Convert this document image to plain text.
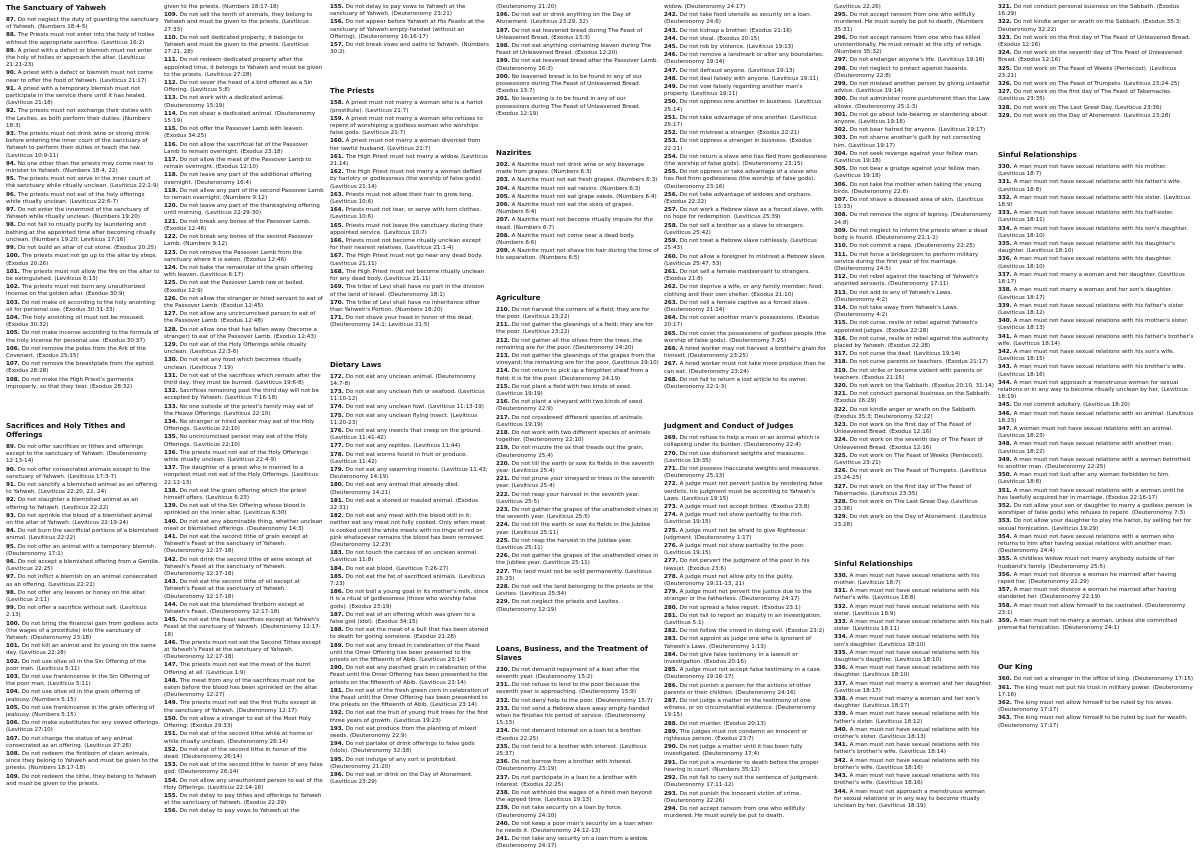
The Sanctuary of Yahweh
87. Do not neglect the duty of guarding the sanctuary of Yahweh. (Numbers 18:4-5)
88. The Priests must not enter into the holy of holies without the appropriate sacrifice. (Leviticus 16:2)
89. A priest with a defect or blemish must not enter the holy of holies or approach the altar. (Leviticus 21:21-23)
90. A priest with a defect or blemish must not come near to offer the food of Yahweh. (Leviticus 21:17)
91. A priest with a temporary blemish must not participate in the service there until it has healed. (Leviticus 21:18)
92. The priests must not exchange their duties with the Levites, as both perform their duties. (Numbers 18:3)
93. The priests must not drink wine or strong drink before entering the inner court of the sanctuary of Yahweh to perform their duties or teach the law. (Leviticus 10:9-11)
94. No one other than the priests may come near to minister to Yahweh. (Numbers 18:4, 22)
95. The priests must not serve in the inner court of the sanctuary while ritually unclean. (Leviticus 22:2-9)
96. The priests must not eat of the holy offerings while ritually unclean. (Leviticus 22:6-7)
97. Do not enter the innermost of the sanctuary of Yahweh while ritually unclean. (Numbers 19:20)
98. Do not fail to ritually purify by laundering and bathing at the appointed time after becoming ritually unclean. (Numbers 19:20; Leviticus 17:16)
99. Do not build an altar of cut stone. (Exodus 20:25)
100. The priests must not go up to the altar by steps. (Exodus 20:26)
101. The priests must not allow the fire on the altar to be extinguished. (Leviticus 6:13)
102. The priests must not burn any unauthorized incense on the golden altar. (Exodus 30:9)
103. Do not make oil according to the holy anointing oil for personal use. (Exodus 30:31-33)
104. The holy anointing oil must not be misused. (Exodus 30:32)
105. Do not make incense according to the formula of the holy incense for personal use. (Exodus 30:37)
106. Do not remove the poles from the Ark of the Covenant. (Exodus 25:15)
107. Do not remove the breastplate from the ephod. (Exodus 28:28)
108. Do not make the High Priest's garments improperly, so that they tear. (Exodus 28:32)
Sacrifices and Holy Tithes and Offerings
89. Do not offer sacrifices or tithes and offerings except to the sanctuary of Yahweh. (Deuteronomy 12:13-14)
90. Do not offer consecrated animals except to the sanctuary of Yahweh. (Leviticus 17:3-7)
91. Do not sanctify a blemished animal as an offering to Yahweh. (Leviticus 22:20, 22, 24)
92. Do not slaughter a blemished animal as an offering to Yahweh. (Leviticus 22:22)
93. Do not sprinkle the blood of a blemished animal on the altar of Yahweh. (Leviticus 22:19-24)
94. Do not burn the sacrificial portions of a blemished animal. (Leviticus 22:22)
95. Do not offer an animal with a temporary blemish. (Deuteronomy 17:1)
96. Do not accept a blemished offering from a Gentile. (Leviticus 22:25)
97. Do not inflict a blemish on an animal consecrated as an offering. (Leviticus 22:21)
98. Do not offer any leaven or honey on the altar. (Leviticus 2:11)
99. Do not offer a sacrifice without salt. (Leviticus 2:13)
100. Do not bring the financial gain from godless acts (the wages of a prostitute) into the sanctuary of Yahweh. (Deuteronomy 23:18)
101. Do not kill an animal and its young on the same day. (Leviticus 22:28)
102. Do not use olive oil in the Sin Offering of the poor man. (Leviticus 5:11)
103. Do not use frankincense in the Sin Offering of the poor man. (Leviticus 5:11)
104. Do not use olive oil in the grain offering of jealousy. (Numbers 5:15)
105. Do not use frankincense in the grain offering of jealousy. (Numbers 5:15)
106. Do not make substitutes for any vowed offerings. (Leviticus 27:10)
107. Do not change the status of any animal consecrated as an offering. (Leviticus 27:26)
108. Do not redeem the firstborn of clean animals, since they belong to Yahweh and must be given to the priests. (Numbers 18:17-18)
109. Do not redeem the tithe, they belong to Yahweh and must be given to the priests.
given to the priests. (Numbers 18:17-18)
109. Do not sell the tenth of animals, they belong to Yahweh and must be given to the priests. (Leviticus 27:33)
110. Do not sell dedicated property, it belongs to Yahweh and must be given to the priests. (Leviticus 27:21, 28)
111. Do not redeem dedicated property after the appointed time, it belongs to Yahweh and must be given to the priests. (Leviticus 27:28)
112. Do not sever the head of a bird offered as a Sin Offering. (Leviticus 5:8)
113. Do not work with a dedicated animal. (Deuteronomy 15:19)
114. Do not shear a dedicated animal. (Deuteronomy 15:19)
115. Do not offer the Passover Lamb with leaven. (Exodus 34:25)
116. Do not allow the sacrificial fat of the Passover Lamb to remain overnight. (Exodus 23:18)
117. Do not allow the meat of the Passover Lamb to remain overnight. (Exodus 12:10)
118. Do not leave any part of the additional offering overnight. (Deuteronomy 16:4)
119. Do not allow any part of the second Passover Lamb to remain overnight. (Numbers 9:12)
120. Do not leave any part of the thanksgiving offering until morning. (Leviticus 22:29-30)
121. Do not break any bones of the Passover Lamb. (Exodus 12:46)
122. Do not break any bones of the second Passover Lamb. (Numbers 9:12)
123. Do not remove the Passover Lamb from the sanctuary where it is eaten. (Exodus 12:46)
124. Do not bake the remainder of the grain offering with leaven. (Leviticus 6:17)
125. Do not eat the Passover Lamb raw or boiled. (Exodus 12:9)
126. Do not allow the stranger or hired servant to eat of the Passover Lamb. (Exodus 12:45)
127. Do not allow any uncircumcised person to eat of the Passover Lamb. (Exodus 12:48)
128. Do not allow one that has fallen away (become a stranger) to eat of the Passover Lamb. (Exodus 12:43)
129. Do not eat of the Holy Offerings while ritually unclean. (Leviticus 22:3-6)
130. Do not eat any food which becomes ritually unclean. (Leviticus 7:19)
131. Do not eat of the sacrifices which remain after the third day, they must be burned. (Leviticus 19:6-8)
132. Sacrifices remaining past the third day will not be accepted by Yahweh. (Leviticus 7:16-18)
133. No one outside of the priest's family may eat of the Heave Offerings. (Leviticus 22:10)
134. No stranger or hired worker may eat of the Holy Offerings. (Leviticus 22:10)
135. No uncircumcised person may eat of the Holy Offerings. (Leviticus 22:10)
136. The priests must not eat of the Holy Offerings while ritually unclean. (Leviticus 22:4-9)
137. The daughter of a priest who is married to a nonpriest must not eat of the Holy Offerings. (Leviticus 22:12-13)
138. Do not eat the grain offering which the priest himself offers. (Leviticus 6:23)
139. Do not eat of the Sin Offering whose blood is sprinkled on the inner altar. (Leviticus 6:30)
140. Do not eat any abominable thing, whether unclean meat or blemished offerings. (Deuteronomy 14:3)
141. Do not eat the second tithe of grain except at Yahweh's Feast at the sanctuary of Yahweh. (Deuteronomy 12:17-18)
142. Do not drink the second tithe of wine except at Yahweh's Feast at the sanctuary of Yahweh. (Deuteronomy 12:17-18)
143. Do not eat the second tithe of oil except at Yahweh's Feast at the sanctuary of Yahweh. (Deuteronomy 12:17-18)
144. Do not eat the blemished firstborn except at Yahweh's Feast. (Deuteronomy 12:17-18)
145. Do not eat the feast sacrifices except at Yahweh's Feast at the sanctuary of Yahweh. (Deuteronomy 12:17-18)
146. The priests must not eat the Second Tithes except at Yahweh's Feast at the sanctuary of Yahweh. (Deuteronomy 12:17-18)
147. The priests must not eat the meat of the burnt Offering at all. (Leviticus 1:9)
148. The meat from any of the sacrifices must not be eaten before the blood has been sprinkled on the altar. (Deuteronomy 12:27)
149. The priests must not eat the first fruits except at the sanctuary of Yahweh. (Deuteronomy 12:17)
150. Do not allow a stranger to eat of the Most Holy Offering. (Exodus 29:33)
151. Do not eat of the second tithe while at home or while ritually unclean. (Deuteronomy 26:14)
152. Do not eat of the second tithe in honor of the dead. (Deuteronomy 26:14)
153. Do not eat of the second tithe in honor of any false god. (Deuteronomy 26:14)
154. Do not allow any unauthorized person to eat of the Holy Offerings. (Leviticus 22:14-16)
155. Do not delay to pay tithes and offerings to Yahweh at the sanctuary of Yahweh. (Exodus 22:29)
156. Do not delay to pay vows to Yahweh at the
155. Do not delay to pay vows to Yahweh at the sanctuary of Yahweh. (Deuteronomy 23:21)
156. Do not appear before Yahweh at His Feasts at the sanctuary of Yahweh empty-handed (without an Offering). (Deuteronomy 16:16-17)
157. Do not break vows and oaths to Yahweh. (Numbers 30:2)
The Priests
158. A priest must not marry a woman who is a harlot (prostitute). (Leviticus 21:7)
159. A priest must not marry a woman who refuses to repent of worshiping a godless woman who worships false gods. (Leviticus 21:7)
160. A priest must not marry a woman divorced from her lawful husband. (Leviticus 21:7)
161. The High Priest must not marry a widow. (Leviticus 21:14)
162. The High Priest must not marry a woman defiled by harlotry or godlessness (the worship of false gods). (Leviticus 21:14)
163. Priests must not allow their hair to grow long. (Leviticus 10:6)
164. Priests must not tear, or serve with torn clothes. (Leviticus 10:6)
165. Priests must not leave the sanctuary during their appointed service. (Leviticus 10:7)
166. Priests must not become ritually unclean except for their nearest relatives. (Leviticus 21:1-4)
167. The High Priest must not go near any dead body. (Leviticus 21:11)
168. The High Priest must not become ritually unclean for any dead body. (Leviticus 21:11)
169. The tribe of Levi shall have no part in the division of the land of Israel. (Deuteronomy 18:1)
170. The tribe of Levi shall have no inheritance other than Yahweh's Portion. (Numbers 18:20)
171. Do not shave your head in honor of the dead. (Deuteronomy 14:1; Leviticus 21:5)
Dietary Laws
172. Do not eat any unclean animal. (Deuteronomy 14:7-8)
173. Do not eat any unclean fish or seafood. (Leviticus 11:10-12)
174. Do not eat any unclean fowl. (Leviticus 11:13-19)
175. Do not eat any unclean flying insect. (Leviticus 11:20-23)
176. Do not eat any insects that creep on the ground. (Leviticus 11:41-42)
177. Do not eat any reptiles. (Leviticus 11:44)
178. Do not eat worms found in fruit or produce. (Leviticus 11:42)
179. Do not eat any swarming insects. (Leviticus 11:43; Deuteronomy 14:19)
180. Do not eat any animal that already died. (Deuteronomy 14:21)
181. Do not eat a stoned or mauled animal. (Exodus 22:31)
182. Do not eat any meat with the blood still in it; neither eat any meat not fully cooked. Only when meat is cooked until the white meets with no tinge of red or pink whatsoever remains the blood has been removed. (Deuteronomy 12:23)
183. Do not touch the carcass of an unclean animal. (Leviticus 11:8)
184. Do not eat blood. (Leviticus 7:26-27)
185. Do not eat the fat of sacrificed animals. (Leviticus 7:23)
186. Do not boil a young goat in its mother's milk, since it is a ritual of godlessness (those who worship false gods). (Exodus 23:19)
187. Do not eat of an offering which was given to a false god (idol). (Exodus 34:15)
188. Do not eat the meat of a bull that has been stoned to death for goring someone. (Exodus 21:28)
189. Do not eat any bread in celebration of the Feast until the Omer Offering has been presented to the priests on the fifteenth of Abib. (Leviticus 23:14)
190. Do not eat any parched grain in celebration of the Feast until the Omer Offering has been presented to the priests on the fifteenth of Abib. (Leviticus 23:14)
191. Do not eat of the fresh green corn in celebration of the Feast until the Omer Offering has been presented to the priests on the fifteenth of Abib. (Leviticus 23:14)
192. Do not eat the fruit of young fruit trees for the first three years of growth. (Leviticus 19:23)
193. Do not eat produce from the planting of mixed seeds. (Deuteronomy 22:9)
194. Do not partake of drink offerings to false gods (idols). (Deuteronomy 32:38)
195. Do not indulge of any sort is prohibited. (Deuteronomy 21:20)
196. Do not eat or drink on the Day of Atonement. (Leviticus 23:29)
(Deuteronomy 21:20)
196. Do not eat or drink anything on the Day of Atonement. (Leviticus 23:29, 32)
197. Do not eat leavened bread during The Feast of Unleavened Bread. (Exodus 13:3)
198. Do not eat anything containing leaven during The Feast of Unleavened Bread. (Exodus 12:20)
199. Do not eat leavened bread after the Passover Lamb. (Deuteronomy 16:3)
200. No leavened bread is to be found in any of our possessions during The Feast of Unleavened Bread. (Exodus 13:7)
201. No leavening is to be found in any of our possessions during The Feast of Unleavened Bread. (Exodus 12:19)
Nazirites
202. A Nazirite must not drink wine or any beverage made from grapes. (Numbers 6:3)
203. A Nazirite must not eat fresh grapes. (Numbers 6:3)
204. A Nazirite must not eat raisins. (Numbers 6:3)
205. A Nazirite must not eat grape seeds. (Numbers 6:4)
206. A Nazirite must not eat the skins of grapes. (Numbers 6:4)
207. A Nazirite must not become ritually impure for the dead. (Numbers 6:7)
208. A Nazirite must not come near a dead body. (Numbers 6:6)
209. A Nazirite must not shave his hair during the time of his separation. (Numbers 6:5)
Agriculture
210. Do not harvest the corners of a field; they are for the poor. (Leviticus 23:22)
211. Do not gather the gleanings of a field; they are for the poor. (Leviticus 23:22)
212. Do not gather all the olives from the trees, the remaining are for the poor. (Deuteronomy 24:20)
213. Do not gather the gleanings of the grapes from the vineyard; the remaining are for the poor. (Leviticus 19:10)
214. Do not return to pick up a forgotten sheaf from a field; it is for the poor. (Deuteronomy 24:19)
215. Do not plant a field with two kinds of seed. (Leviticus 19:19)
216. Do not plant a vineyard with two kinds of seed. (Deuteronomy 22:9)
217. Do not crossbreed different species of animals. (Leviticus 19:19)
218. Do not work with two different species of animals together. (Deuteronomy 22:10)
219. Do not muzzle the ox that treads out the grain. (Deuteronomy 25:4)
220. Do not till the earth or sow its fields in the seventh year. (Leviticus 25:4)
221. Do not prune your vineyard or trees in the seventh year. (Leviticus 25:4)
222. Do not reap your harvest in the seventh year. (Leviticus 25:5)
223. Do not gather the grapes of the unattended vines in the seventh year. (Leviticus 25:5)
224. Do not till the earth or sow its fields in the Jubilee year. (Leviticus 25:11)
225. Do not reap the harvest in the Jubilee year. (Leviticus 25:11)
226. Do not gather the grapes of the unattended vines in the Jubilee year. (Leviticus 25:11)
227. The land must not be sold permanently. (Leviticus 25:23)
228. Do not sell the land belonging to the priests or the Levites. (Leviticus 25:34)
229. Do not neglect the priests and Levites. (Deuteronomy 12:19)
Loans, Business, and the Treatment of Slaves
230. Do not demand repayment of a loan after the seventh year. (Deuteronomy 15:2)
231. Do not refuse to lend to the poor because the seventh year is approaching. (Deuteronomy 15:9)
232. Do not deny help to the poor. (Deuteronomy 15:7)
233. Do not send a Hebrew slave away empty-handed when he finishes his period of service. (Deuteronomy 15:13)
234. Do not demand interest on a loan to a brother. (Exodus 22:25)
235. Do not lend to a brother with interest. (Leviticus 25:37)
236. Do not borrow from a brother with interest. (Deuteronomy 23:19)
237. Do not participate in a loan to a brother with interest. (Exodus 22:25)
238. Do not withhold the wages of a hired man beyond the agreed time. (Leviticus 19:13)
239. Do not take security on a loan by force. (Deuteronomy 24:10)
240. Do not keep a poor man's security on a loan when he needs it. (Deuteronomy 24:12-13)
241. Do not take any security on a loan from a widow. (Deuteronomy 24:17)
widow. (Deuteronomy 24:17)
242. Do not take food utensils as security on a loan. (Deuteronomy 24:6)
243. Do not kidnap a brother. (Exodus 21:16)
244. Do not steal. (Exodus 20:15)
245. Do not rob by violence. (Leviticus 19:13)
246. Do not remove a landmark or alter any boundaries. (Deuteronomy 19:14)
247. Do not defraud anyone. (Leviticus 19:13)
248. Do not deal falsely with anyone. (Leviticus 19:11)
249. Do not vow falsely regarding another man's property. (Leviticus 19:11)
250. Do not oppress one another in business. (Leviticus 25:14)
251. Do not take advantage of one another. (Leviticus 25:17)
252. Do not mistreat a stranger. (Exodus 22:21)
253. Do not oppress a stranger in business. (Exodus 22:21)
254. Do not return a slave who has fled from godlessness (the worship of false gods). (Deuteronomy 23:15)
255. Do not oppress or take advantage of a slave who has fled from godlessness (the worship of false gods). (Deuteronomy 23:16)
256. Do not take advantage of widows and orphans. (Exodus 22:22)
257. Do not work a Hebrew slave as a forced slave, with no hope for redemption. (Leviticus 25:39)
258. Do not sell a brother as a slave to strangers. (Leviticus 25:42)
259. Do not treat a Hebrew slave ruthlessly. (Leviticus 25:43)
260. Do not allow a foreigner to mistreat a Hebrew slave. (Leviticus 25:47, 53)
261. Do not sell a female maidservant to strangers. (Exodus 21:8)
262. Do not deprive a wife, or any family member, food, clothing and their own shelter. (Exodus 21:10)
263. Do not sell a female captive as a forced slave. (Deuteronomy 21:14)
264. Do not covet another man's possessions. (Exodus 20:17)
265. Do not covet the possessions of godless people (the worship of false gods). (Deuteronomy 7:25)
266. A hired worker may not harvest a brother's grain for himself. (Deuteronomy 23:25)
267. A hired worker must not take more produce than he can eat. (Deuteronomy 23:24)
268. Do not fail to return a lost article to its owner. (Deuteronomy 22:1-3)
Judgment and Conduct of Judges
269. Do not refuse to help a man or an animal which is collapsing under its burden. (Deuteronomy 22:4)
270. Do not use dishonest weights and measures. (Leviticus 19:35)
271. Do not possess inaccurate weights and measures. (Deuteronomy 25:13)
272. A judge must not pervert justice by rendering false verdicts, his judgment must be according to Yahweh's Laws. (Leviticus 19:15)
273. A judge must not accept bribes. (Exodus 23:8)
274. A judge must not show partiality to the rich. (Leviticus 19:15)
275. A judge must not be afraid to give Righteous Judgment. (Deuteronomy 1:17)
276. A judge must not show partiality to the poor. (Leviticus 19:15)
277. Do not pervert the judgment of the poor in his lawsuit. (Exodus 23:6)
278. A judge must not allow pity to the guilty. (Deuteronomy 19:11-13, 21)
279. A judge must not pervert the justice due to the stranger or the fatherless. (Deuteronomy 24:17)
280. Do not spread a false report. (Exodus 23:1)
281. Do not fail to report an iniquity in an investigation. (Leviticus 5:1)
282. Do not follow the crowd in doing evil. (Exodus 23:2)
283. Do not appoint as judge one who is ignorant of Yahweh's Laws. (Deuteronomy 1:13)
284. Do not give false testimony in a lawsuit or investigation. (Exodus 20:16)
285. A judge must not accept false testimony in a case. (Deuteronomy 19:16-17)
286. Do not punish a person for the actions of other parents or their children. (Deuteronomy 24:16)
287. Do not judge a matter on the testimony of one witness, or on circumstantial evidence. (Deuteronomy 19:15)
288. Do not murder. (Exodus 20:13)
289. The judges must not condemn an innocent or righteous person. (Exodus 23:7)
290. Do not judge a matter until it has been fully investigated. (Deuteronomy 17:4)
291. Do not put a murderer to death before the proper hearing in court. (Numbers 35:12)
292. Do not fail to carry out the sentence of judgment. (Deuteronomy 17:11-12)
293. Do not punish the innocent victim of crime. (Deuteronomy 22:26)
294. Do not accept ransom from one who willfully murdered. He must surely be put to death.
(Leviticus 22:26)
295. Do not accept ransom from one who willfully murdered. He must surely be put to death. (Numbers 35:31)
296. Do not accept ransom from one who has killed unintentionally. He must remain at the city of refuge. (Numbers 35:32)
297. Do not endanger anyone's life. (Leviticus 19:16)
298. Do not neglect to protect against hazards. (Deuteronomy 22:8)
299. Do not mislead another person by giving unlawful advice. (Leviticus 19:14)
300. Do not administer more punishment than the Law allows. (Deuteronomy 25:2-3)
301. Do not go about tale-bearing or slandering about anyone. (Leviticus 19:16)
302. Do not bear hatred for anyone. (Leviticus 19:17)
303. Do not shame another's guilt by not correcting him. (Leviticus 19:17)
304. Do not seek revenge against your fellow man. (Leviticus 19:18)
305. Do not bear a grudge against your fellow man. (Leviticus 19:18)
306. Do not take the mother when taking the young birds. (Deuteronomy 22:6)
307. Do not shave a diseased area of skin. (Leviticus 13:33)
308. Do not remove the signs of leprosy. (Deuteronomy 24:8)
309. Do not neglect to inform the priests when a dead body is found. (Deuteronomy 21:1-2)
310. Do not commit a rape. (Deuteronomy 22:25)
311. Do not force a bridegroom to perform military service during the first year of his marriage. (Deuteronomy 24:5)
312. Do not rebel against the teaching of Yahweh's anointed servants. (Deuteronomy 17:11)
313. Do not add to any of Yahweh's Laws. (Deuteronomy 4:2)
314. Do not take away from Yahweh's Laws. (Deuteronomy 4:2)
315. Do not curse, revile or rebel against Yahweh's appointed judges. (Exodus 22:28)
316. Do not curse, revile or rebel against the authority placed by Yahweh. (Exodus 22:28)
317. Do not curse the deaf. (Leviticus 19:14)
318. Do not curse parents or teachers. (Exodus 21:17)
319. Do not strike or become violent with parents or teachers. (Exodus 21:15)
320. Do not work on the Sabbath. (Exodus 20:10, 31:14)
321. Do not conduct personal business on the Sabbath. (Exodus 16:29)
322. Do not kindle anger or wrath on the Sabbath. (Exodus 35:3; Deuteronomy 32:22)
323. Do not work on the first day of The Feast of Unleavened Bread. (Exodus 12:16)
324. Do not work on the seventh day of The Feast of Unleavened Bread. (Exodus 12:16)
325. Do not work on The Feast of Weeks (Pentecost). (Leviticus 23:21)
326. Do not work on The Feast of Trumpets. (Leviticus 23:24-25)
327. Do not work on the first day of The Feast of Tabernacles. (Leviticus 23:35)
328. Do not work on The Last Great Day. (Leviticus 23:36)
329. Do not work on the Day of Atonement. (Leviticus 23:28)
Sinful Relationships
330. A man must not have sexual relations with his mother. (Leviticus 18:7)
331. A man must not have sexual relations with his father's wife. (Leviticus 18:8)
332. A man must not have sexual relations with his sister. (Leviticus 18:9)
333. A man must not have sexual relations with his half-sister. (Leviticus 18:11)
334. A man must not have sexual relations with his son's daughter. (Leviticus 18:10)
335. A man must not have sexual relations with his daughter's daughter. (Leviticus 18:10)
336. A man must not have sexual relations with his daughter. (Leviticus 18:10)
337. A man must not marry a woman and her daughter. (Leviticus 18:17)
338. A man must not marry a woman and her son's daughter. (Leviticus 18:17)
339. A man must not have sexual relations with his father's sister. (Leviticus 18:12)
340. A man must not have sexual relations with his mother's sister. (Leviticus 18:13)
341. A man must not have sexual relations with his father's brother's wife. (Leviticus 18:14)
342. A man must not have sexual relations with his brother's wife. (Leviticus 18:16)
343. A man must not have sexual relations with his brother's wife. (Leviticus 18:16)
344. A man must not approach a menstruous woman for sexual relations or in any way to become ritually unclean by her. (Leviticus 18:19)
321. Do not conduct personal business on the Sabbath. (Exodus 16:29)
322. Do not kindle anger or wrath on the Sabbath. (Exodus 35:3; Deuteronomy 32:22)
323. Do not work on the first day of The Feast of Unleavened Bread. (Exodus 12:16)
324. Do not work on the seventh day of The Feast of Unleavened Bread. (Exodus 12:16)
325. Do not work on The Feast of Weeks (Pentecost). (Leviticus 23:21)
326. Do not work on The Feast of Trumpets. (Leviticus 23:24-25)
327. Do not work on the first day of The Feast of Tabernacles. (Leviticus 23:35)
328. Do not work on The Last Great Day. (Leviticus 23:36)
329. Do not work on the Day of Atonement. (Leviticus 23:28)
Sinful Relationships
330. A man must not have sexual relations with his mother. (Leviticus 18:7)
331. A man must not have sexual relations with his father's wife. (Leviticus 18:8)
332. A man must not have sexual relations with his sister. (Leviticus 18:9)
333. A man must not have sexual relations with his half-sister. (Leviticus 18:11)
334. A man must not have sexual relations with his son's daughter. (Leviticus 18:10)
335. A man must not have sexual relations with his daughter's daughter. (Leviticus 18:10)
336. A man must not have sexual relations with his daughter. (Leviticus 18:10)
337. A man must not marry a woman and her daughter. (Leviticus 18:17)
338. A man must not marry a woman and her son's daughter. (Leviticus 18:17)
339. A man must not have sexual relations with his father's sister. (Leviticus 18:12)
340. A man must not have sexual relations with his mother's sister. (Leviticus 18:13)
341. A man must not have sexual relations with his father's brother's wife. (Leviticus 18:14)
342. A man must not have sexual relations with his son's wife. (Leviticus 18:15)
343. A man must not have sexual relations with his brother's wife. (Leviticus 18:16)
344. A man must not approach a menstruous woman for sexual relations or in any way to become ritually unclean by her. (Leviticus 18:19)
345. Do not commit adultery. (Leviticus 18:20)
346. A man must not have sexual relations with an animal. (Leviticus 18:23)
347. A woman must not have sexual relations with an animal. (Leviticus 18:23)
348. A man must not have sexual relations with another man. (Leviticus 18:22)
349. A man must not have sexual relations with a woman betrothed to another man. (Deuteronomy 22:25)
350. A man must not lust after any woman forbidden to him. (Leviticus 18:6)
351. A man must not have sexual relations with a woman until he has lawfully acquired her in marriage. (Exodus 22:16-17)
352. Do not allow your son or daughter to marry a godless person (a worshiper of false gods) who refuses to repent. (Deuteronomy 7:3)
353. Do not allow your daughter to play the harlot, by selling her for sexual fornication. (Leviticus 19:29)
354. A man must not have sexual relations with a woman who returns to him after having sexual relations with another man. (Deuteronomy 24:4)
355. A childless widow must not marry anybody outside of her husband's family. (Deuteronomy 25:5)
356. A man must not divorce a woman he married after having raped her. (Deuteronomy 22:29)
357. A man must not divorce a woman he married after having slandered her. (Deuteronomy 22:19)
358. A man must not allow himself to be castrated. (Deuteronomy 23:1)
359. A man must not re-marry a woman, unless she committed premarital fornication. (Deuteronomy 24:1)
Our King
360. Do not set a stranger in the office of king. (Deuteronomy 17:15)
361. The king must not put his trust in military power. (Deuteronomy 17:16)
362. The king must not allow himself to be ruled by his wives. (Deuteronomy 17:17)
363. The king must not allow himself to be ruled by lust for wealth. (Deuteronomy 17:17)
